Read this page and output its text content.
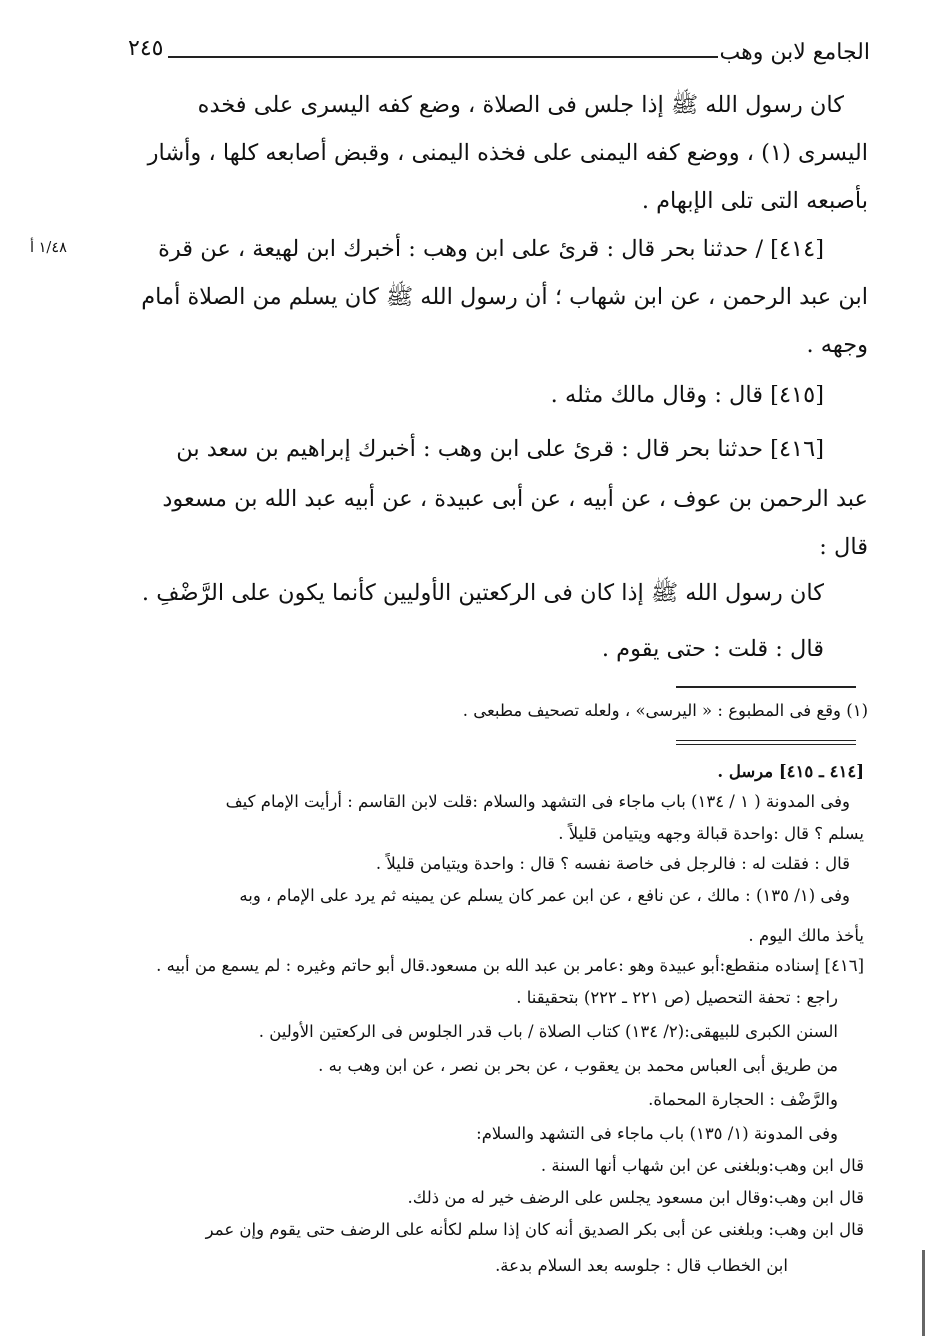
الجامع لابن وهب
٢٤٥
١/٤٨ أ
كان رسول الله ﷺ إذا جلس فى الصلاة ، وضع كفه اليسرى على فخده
اليسرى (١) ، ووضع كفه اليمنى على فخذه اليمنى ، وقبض أصابعه كلها ، وأشار
بأصبعه التى تلى الإبهام .
[٤١٤] / حدثنا بحر قال : قرئ على ابن وهب : أخبرك ابن لهيعة ، عن قرة
ابن عبد الرحمن ، عن ابن شهاب ؛ أن رسول الله ﷺ كان يسلم من الصلاة أمام
وجهه .
[٤١٥] قال : وقال مالك مثله .
[٤١٦] حدثنا بحر قال : قرئ على ابن وهب : أخبرك إبراهيم بن سعد بن
عبد الرحمن بن عوف ، عن أبيه ، عن أبى عبيدة ، عن أبيه عبد الله بن مسعود
قال :
كان رسول الله ﷺ إذا كان فى الركعتين الأوليين كأنما يكون على الرَّضْفِ .
قال : قلت : حتى يقوم .
(١) وقع فى المطبوع : « اليرسى» ، ولعله تصحيف مطبعى .
[٤١٤ ـ ٤١٥] مرسل .
وفى المدونة ( ١ / ١٣٤) باب ماجاء فى التشهد والسلام :قلت لابن القاسم : أرأيت الإمام كيف
يسلم ؟ قال :واحدة قبالة وجهه ويتيامن قليلاً .
قال : فقلت له : فالرجل فى خاصة نفسه ؟ قال : واحدة ويتيامن قليلاً .
وفى (١/ ١٣٥) : مالك ، عن نافع ، عن ابن عمر كان يسلم عن يمينه ثم يرد على الإمام ، وبه
يأخذ مالك اليوم .
[٤١٦] إسناده منقطع:أبو عبيدة وهو :عامر بن عبد الله بن مسعود.قال أبو حاتم وغيره : لم يسمع من أبيه .
راجع : تحفة التحصيل (ص ٢٢١ ـ ٢٢٢) بتحقيقنا .
السنن الكبرى للبيهقى:(٢/ ١٣٤) كتاب الصلاة / باب قدر الجلوس فى الركعتين الأولين .
من طريق أبى العباس محمد بن يعقوب ، عن بحر بن نصر ، عن ابن وهب به .
والرَّضْف : الحجارة المحماة.
وفى المدونة (١/ ١٣٥) باب ماجاء فى التشهد والسلام:
قال ابن وهب:وبلغنى عن ابن شهاب أنها السنة .
قال ابن وهب:وقال ابن مسعود يجلس على الرضف خير له من ذلك.
قال ابن وهب: وبلغنى عن أبى بكر الصديق أنه كان إذا سلم لكأنه على الرضف حتى يقوم وإن عمر
ابن الخطاب قال : جلوسه بعد السلام بدعة.
